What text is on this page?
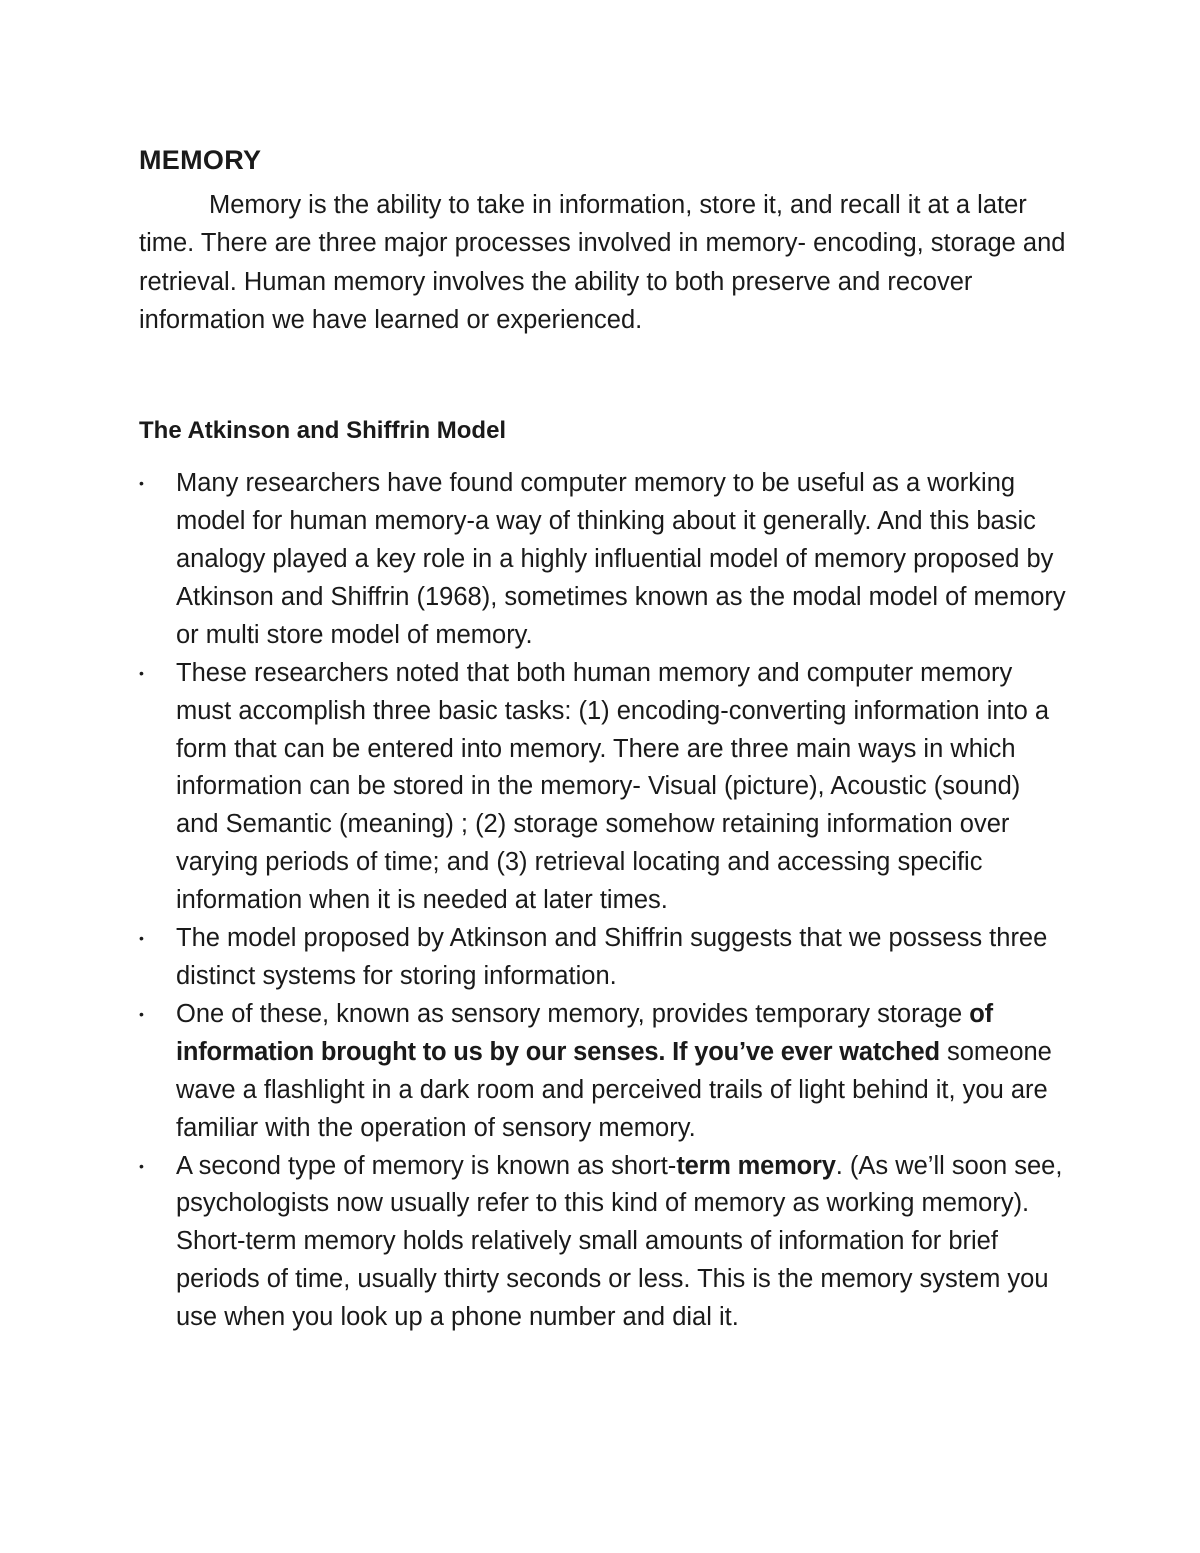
MEMORY

Memory is the ability to take in information, store it, and recall it at a later time. There are three major processes involved in memory- encoding, storage and retrieval. Human memory involves the ability to both preserve and recover information we have learned or experienced.

The Atkinson and Shiffrin Model
• Many researchers have found computer memory to be useful as a working model for human memory-a way of thinking about it generally. And this basic analogy played a key role in a highly influential model of memory proposed by Atkinson and Shiffrin (1968), sometimes known as the modal model of memory or multi store model of memory.
• These researchers noted that both human memory and computer memory must accomplish three basic tasks: (1) encoding-converting information into a form that can be entered into memory. There are three main ways in which information can be stored in the memory- Visual (picture), Acoustic (sound) and Semantic (meaning) ; (2) storage somehow retaining information over varying periods of time; and (3) retrieval locating and accessing specific information when it is needed at later times.
• The model proposed by Atkinson and Shiffrin suggests that we possess three distinct systems for storing information.
• One of these, known as sensory memory, provides temporary storage of information brought to us by our senses. If you’ve ever watched someone wave a flashlight in a dark room and perceived trails of light behind it, you are familiar with the operation of sensory memory.
• A second type of memory is known as short-term memory. (As we’ll soon see, psychologists now usually refer to this kind of memory as working memory). Short-term memory holds relatively small amounts of information for brief periods of time, usually thirty seconds or less. This is the memory system you use when you look up a phone number and dial it.
